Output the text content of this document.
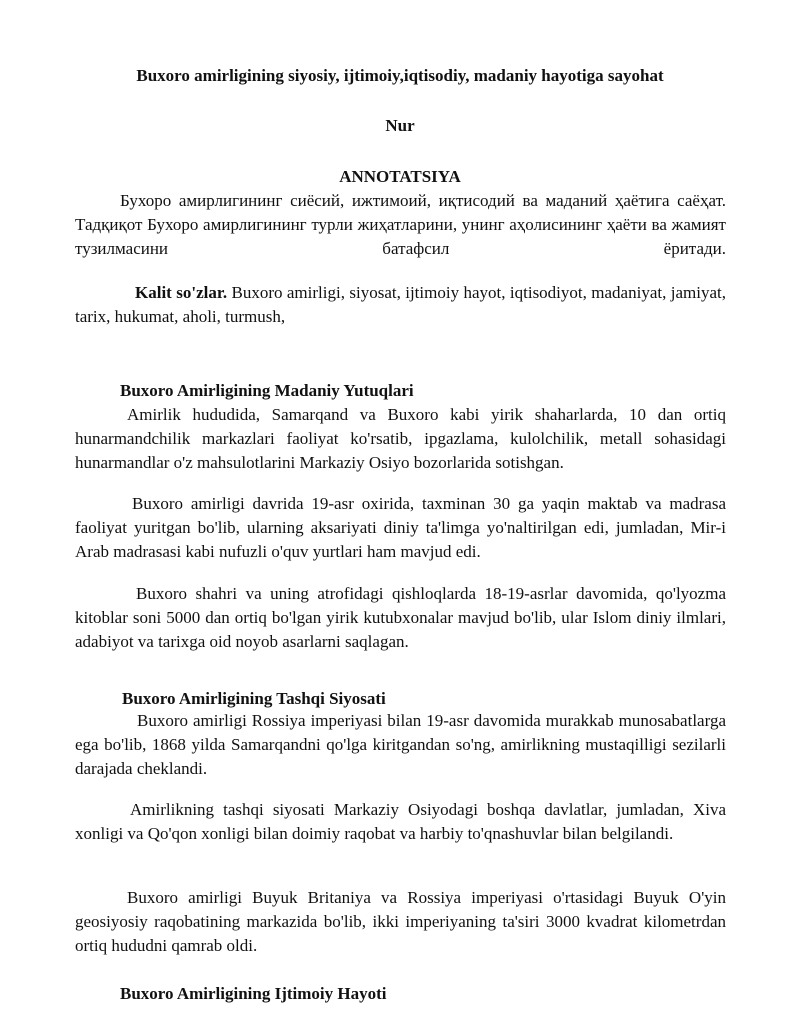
Buxoro amirligining siyosiy, ijtimoiy,iqtisodiy, madaniy hayotiga sayohat

Nur

ANNOTATSIYA

Бухоро амирлигининг сиёсий, ижтимоий, иқтисодий ва маданий ҳаётига саёҳат. Тадқиқот Бухоро амирлигининг турли жиҳатларини, унинг аҳолисининг ҳаёти ва жамият тузилмасини батафсил ёритади.

Kalit so'zlar. Buxoro amirligi, siyosat, ijtimoiy hayot, iqtisodiyot, madaniyat, jamiyat, tarix, hukumat, aholi, turmush,

Buxoro Amirligining Madaniy Yutuqlari

Amirlik hududida, Samarqand va Buxoro kabi yirik shaharlarda, 10 dan ortiq hunarmandchilik markazlari faoliyat ko'rsatib, ipgazlama, kulolchilik, metall sohasidagi hunarmandlar o'z mahsulotlarini Markaziy Osiyo bozorlarida sotishgan.

Buxoro amirligi davrida 19-asr oxirida, taxminan 30 ga yaqin maktab va madrasa faoliyat yuritgan bo'lib, ularning aksariyati diniy ta'limga yo'naltirilgan edi, jumladan, Mir-i Arab madrasasi kabi nufuzli o'quv yurtlari ham mavjud edi.

Buxoro shahri va uning atrofidagi qishloqlarda 18-19-asrlar davomida, qo'lyozma kitoblar soni 5000 dan ortiq bo'lgan yirik kutubxonalar mavjud bo'lib, ular Islom diniy ilmlari, adabiyot va tarixga oid noyob asarlarni saqlagan.

Buxoro Amirligining Tashqi Siyosati

Buxoro amirligi Rossiya imperiyasi bilan 19-asr davomida murakkab munosabatlarga ega bo'lib, 1868 yilda Samarqandni qo'lga kiritgandan so'ng, amirlikning mustaqilligi sezilarli darajada cheklandi.

Amirlikning tashqi siyosati Markaziy Osiyodagi boshqa davlatlar, jumladan, Xiva xonligi va Qo'qon xonligi bilan doimiy raqobat va harbiy to'qnashuvlar bilan belgilandi.

Buxoro amirligi Buyuk Britaniya va Rossiya imperiyasi o'rtasidagi Buyuk O'yin geosiyosiy raqobatining markazida bo'lib, ikki imperiyaning ta'siri 3000 kvadrat kilometrdan ortiq hududni qamrab oldi.

Buxoro Amirligining Ijtimoiy Hayoti
